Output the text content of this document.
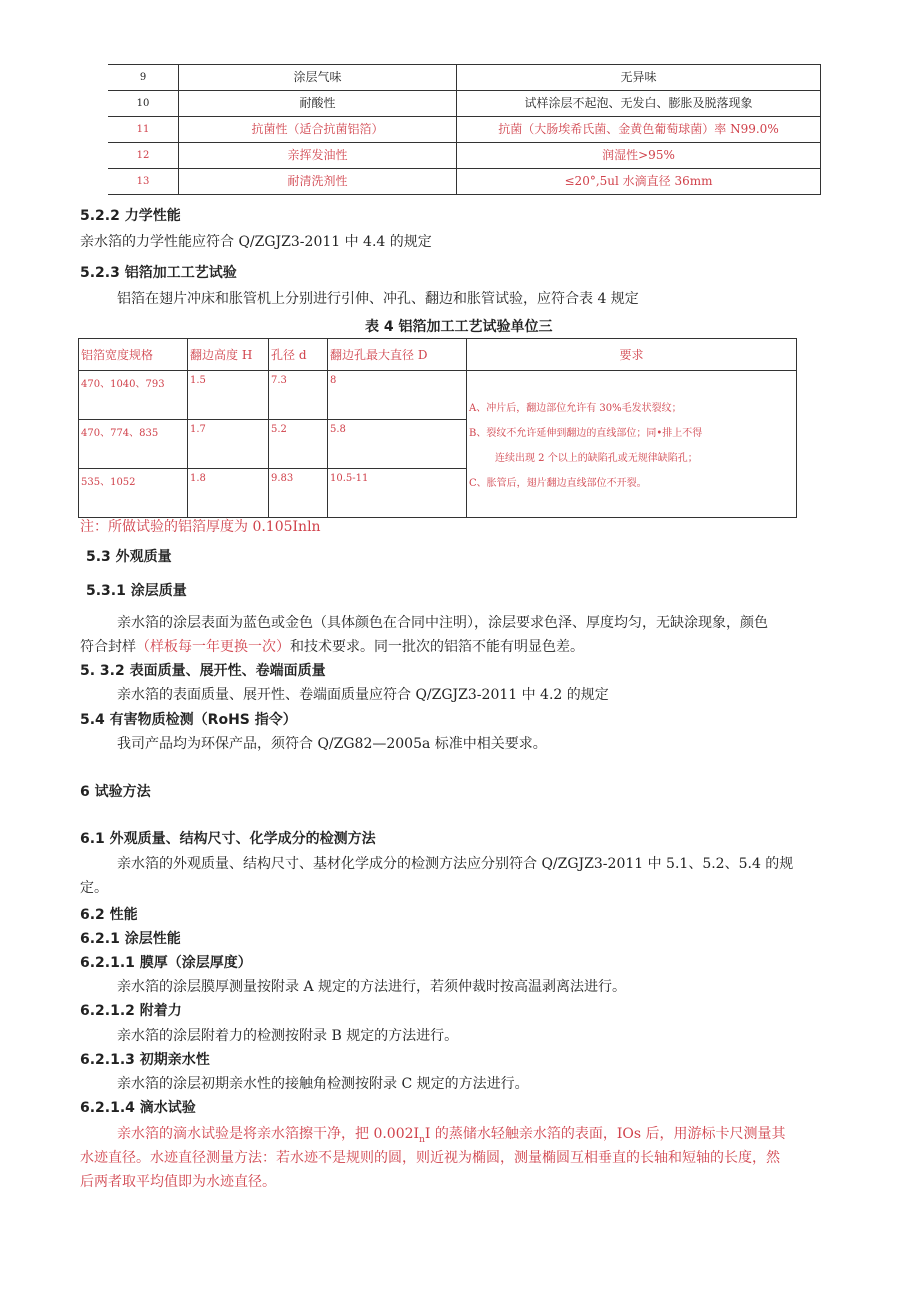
9	涂层气味	无异味
10	耐酸性	试样涂层不起泡、无发白、膨胀及脱落现象
11	抗菌性（适合抗菌铝箔）	抗菌（大肠埃希氏菌、金黄色葡萄球菌）率 N99.0%
12	亲挥发油性	润湿性>95%
13	耐清洗剂性	≤20°,5ul 水滴直径 36mm
5.2.2 力学性能
亲水箔的力学性能应符合 Q/ZGJZ3-2011 中 4.4 的规定
5.2.3 铝箔加工工艺试验
铝箔在翅片冲床和胀管机上分别进行引伸、冲孔、翻边和胀管试验，应符合表 4 规定
表 4 铝箔加工工艺试验单位三
铝箔宽度规格	翻边高度 H	孔径 d	翻边孔最大直径 D	要求
470、1040、793	1.5	7.3	8	A、冲片后，翻边部位允许有 30%毛发状裂纹；
B、裂纹不允许延伸到翻边的直线部位；同•排上不得
连续出现 2 个以上的缺陷孔或无规律缺陷孔；
C、胀管后，翅片翻边直线部位不开裂。

470、774、835	1.7	5.2	5.8	
535、1052	1.8	9.83	10.5-11	
注：所做试验的铝箔厚度为 0.105Inln
5.3 外观质量
5.3.1 涂层质量
亲水箔的涂层表面为蓝色或金色（具体颜色在合同中注明），涂层要求色泽、厚度均匀，无缺涂现象，颜色
符合封样（样板每一年更换一次）和技术要求。同一批次的铝箔不能有明显色差。
5. 3.2 表面质量、展开性、卷端面质量
亲水箔的表面质量、展开性、卷端面质量应符合 Q/ZGJZ3-2011 中 4.2 的规定
5.4 有害物质检测（RoHS 指令）
我司产品均为环保产品，须符合 Q/ZG82—2005a 标准中相关要求。
6 试验方法
6.1 外观质量、结构尺寸、化学成分的检测方法
亲水箔的外观质量、结构尺寸、基材化学成分的检测方法应分别符合 Q/ZGJZ3-2011 中 5.1、5.2、5.4 的规
定。
6.2 性能
6.2.1 涂层性能
6.2.1.1 膜厚（涂层厚度）
亲水箔的涂层膜厚测量按附录 A 规定的方法进行，若须仲裁时按高温剥离法进行。
6.2.1.2 附着力
亲水箔的涂层附着力的检测按附录 B 规定的方法进行。
6.2.1.3 初期亲水性
亲水箔的涂层初期亲水性的接触角检测按附录 C 规定的方法进行。
6.2.1.4 滴水试验
亲水箔的滴水试验是将亲水箔擦干净，把 $0.002I_nI$ 的蒸储水轻触亲水箔的表面，IOs 后，用游标卡尺测量其
水迹直径。水迹直径测量方法：若水迹不是规则的圆，则近视为椭圆，测量椭圆互相垂直的长轴和短轴的长度，然
后两者取平均值即为水迹直径。
